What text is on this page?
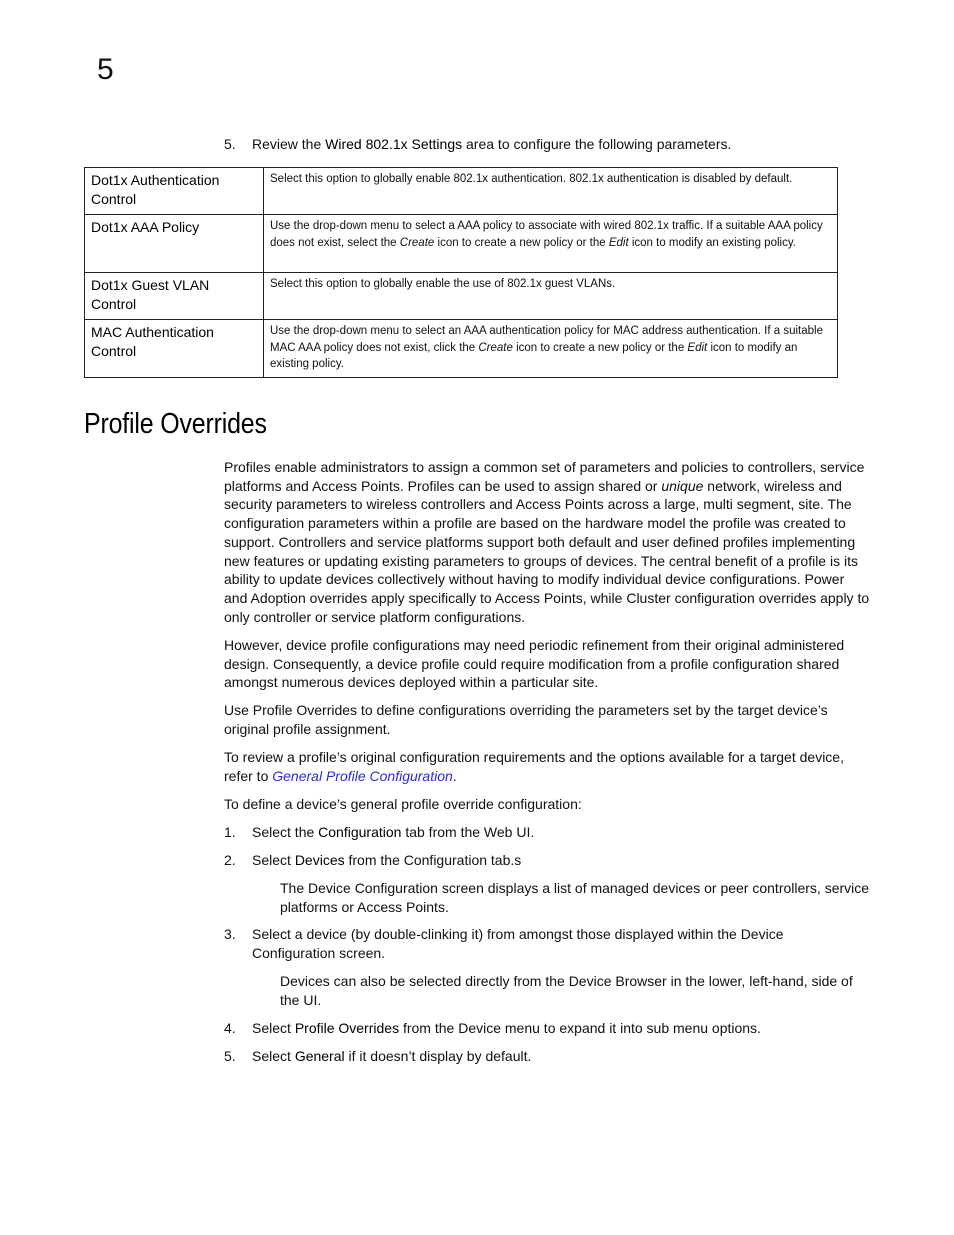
5
5. Review the Wired 802.1x Settings area to configure the following parameters.
Dot1x Authentication Control	Select this option to globally enable 802.1x authentication. 802.1x authentication is disabled by default.
Dot1x AAA Policy	Use the drop-down menu to select a AAA policy to associate with wired 802.1x traffic. If a suitable AAA policy does not exist, select the Create icon to create a new policy or the Edit icon to modify an existing policy.
Dot1x Guest VLAN Control	Select this option to globally enable the use of 802.1x guest VLANs.
MAC Authentication Control	Use the drop-down menu to select an AAA authentication policy for MAC address authentication. If a suitable MAC AAA policy does not exist, click the Create icon to create a new policy or the Edit icon to modify an existing policy.
Profile Overrides

Profiles enable administrators to assign a common set of parameters and policies to controllers, service platforms and Access Points. Profiles can be used to assign shared or unique network, wireless and security parameters to wireless controllers and Access Points across a large, multi segment, site. The configuration parameters within a profile are based on the hardware model the profile was created to support. Controllers and service platforms support both default and user defined profiles implementing new features or updating existing parameters to groups of devices. The central benefit of a profile is its ability to update devices collectively without having to modify individual device configurations. Power and Adoption overrides apply specifically to Access Points, while Cluster configuration overrides apply to only controller or service platform configurations.

However, device profile configurations may need periodic refinement from their original administered design. Consequently, a device profile could require modification from a profile configuration shared amongst numerous devices deployed within a particular site.

Use Profile Overrides to define configurations overriding the parameters set by the target device’s original profile assignment.

To review a profile’s original configuration requirements and the options available for a target device, refer to General Profile Configuration.

To define a device’s general profile override configuration:

1. Select the Configuration tab from the Web UI.
2. Select Devices from the Configuration tab.s
The Device Configuration screen displays a list of managed devices or peer controllers, service platforms or Access Points.
3. Select a device (by double-clinking it) from amongst those displayed within the Device Configuration screen.
Devices can also be selected directly from the Device Browser in the lower, left-hand, side of the UI.
4. Select Profile Overrides from the Device menu to expand it into sub menu options.
5. Select General if it doesn’t display by default.
